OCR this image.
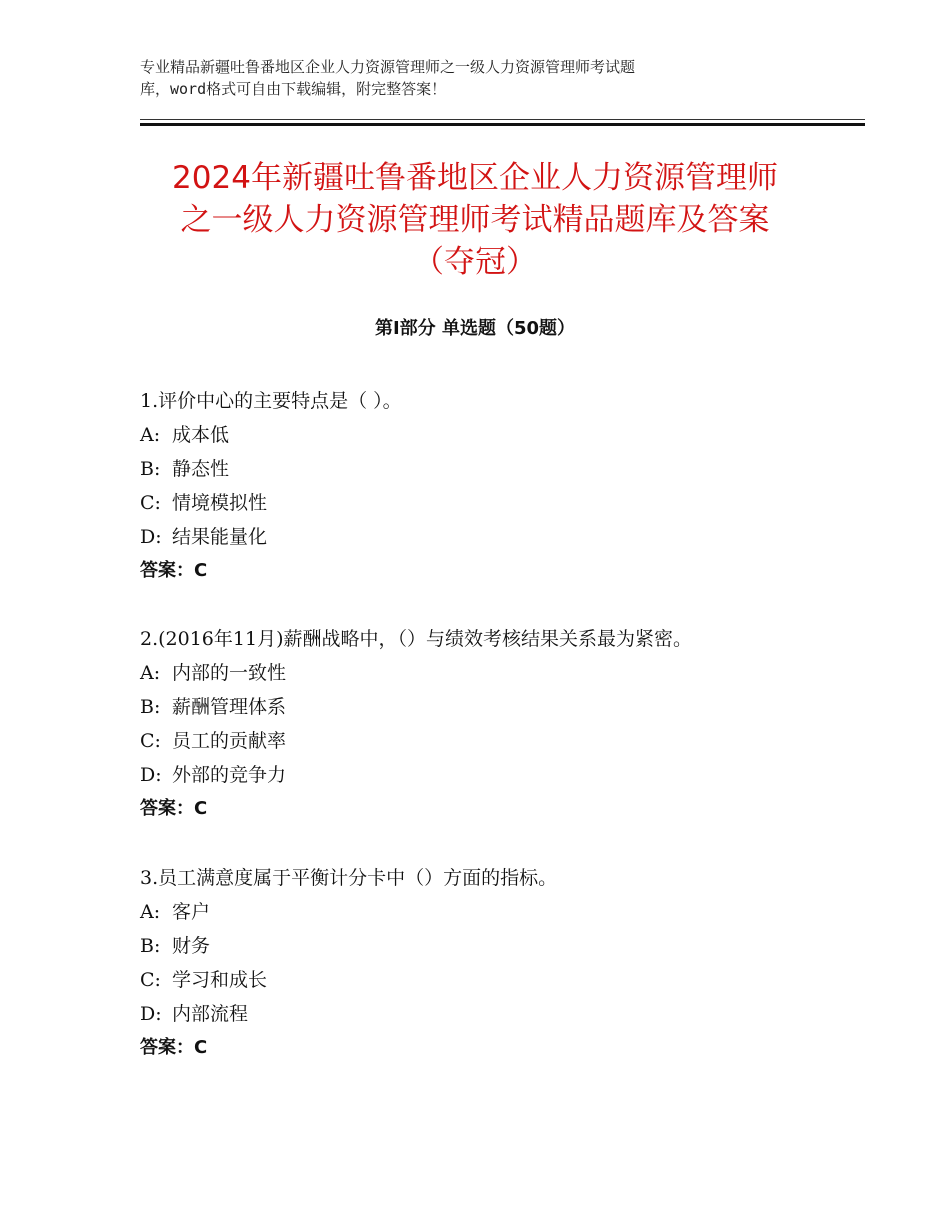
专业精品新疆吐鲁番地区企业人力资源管理师之一级人力资源管理师考试题
库，word格式可自由下载编辑，附完整答案！
2024年新疆吐鲁番地区企业人力资源管理师
之一级人力资源管理师考试精品题库及答案
（夺冠）
第Ⅰ部分 单选题（50题）
1.评价中心的主要特点是（ ）。
A: 成本低
B: 静态性
C: 情境模拟性
D: 结果能量化
答案：C
2.(2016年11月)薪酬战略中，（）与绩效考核结果关系最为紧密。
A: 内部的一致性
B: 薪酬管理体系
C: 员工的贡献率
D: 外部的竞争力
答案：C
3.员工满意度属于平衡计分卡中（）方面的指标。
A: 客户
B: 财务
C: 学习和成长
D: 内部流程
答案：C
